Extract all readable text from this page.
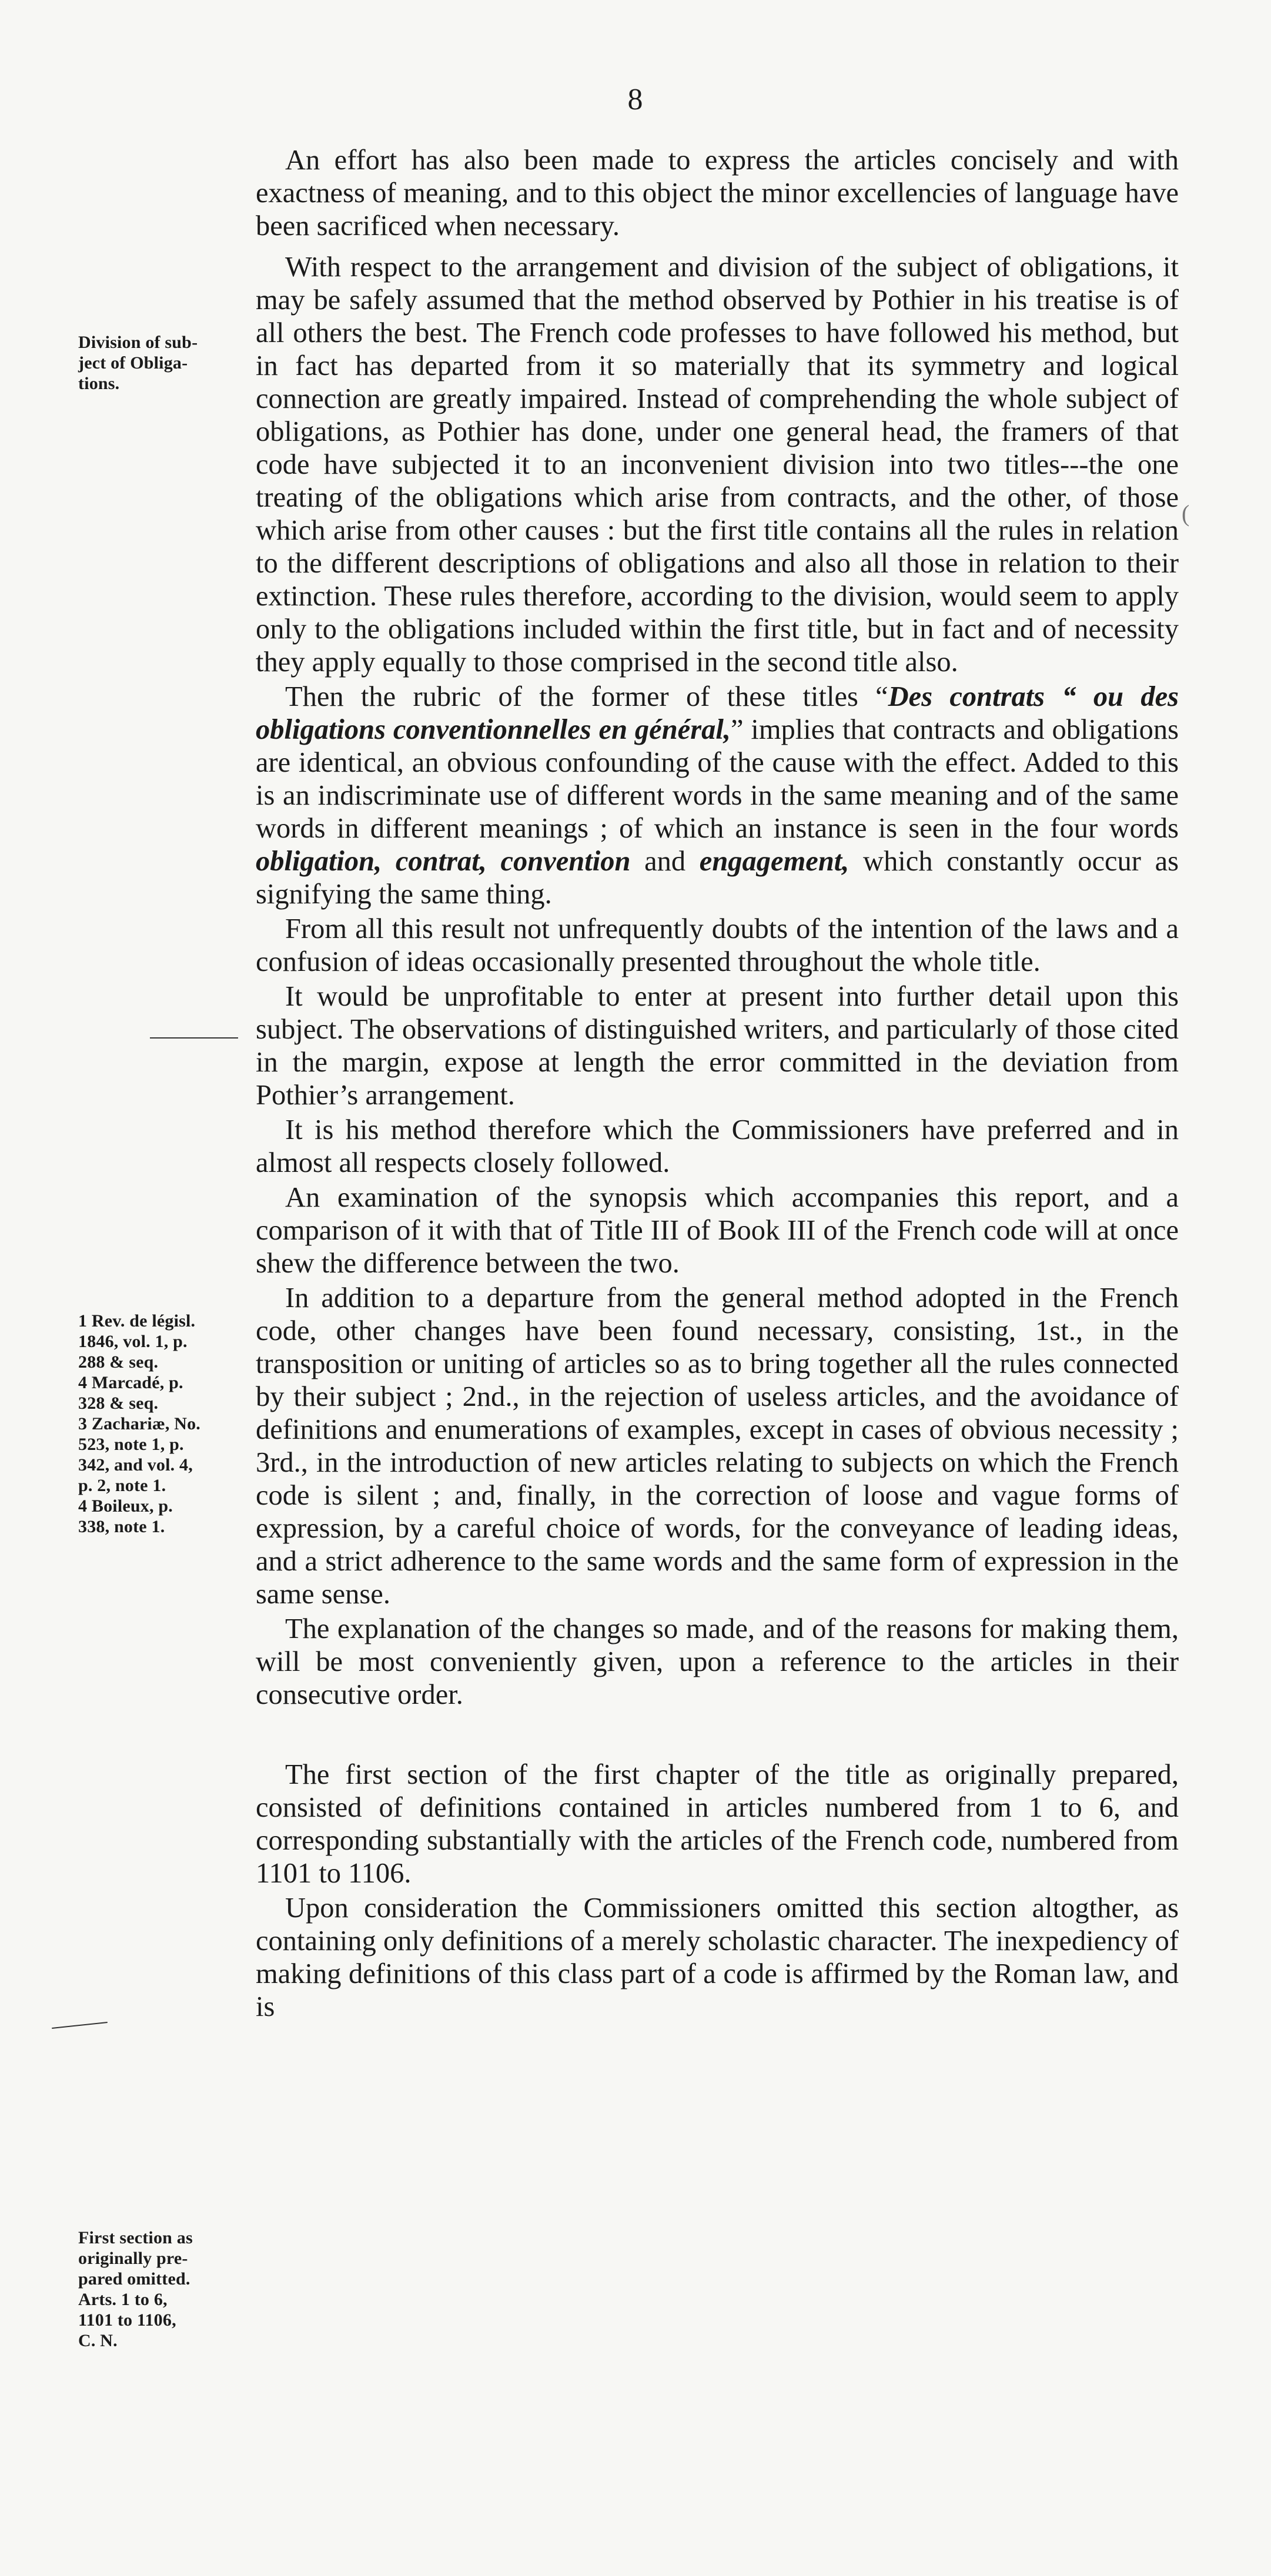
8
Division of sub-
ject of Obliga-
tions.
1 Rev. de législ.
1846, vol. 1, p.
288 & seq.
4 Marcadé, p.
328 & seq.
3 Zachariæ, No.
523, note 1, p.
342, and vol. 4,
p. 2, note 1.
4 Boileux, p.
338, note 1.
First section as
originally pre-
pared omitted.
Arts. 1 to 6,
1101 to 1106,
C. N.

An effort has also been made to express the articles concisely and with exactness of meaning, and to this object the minor excellencies of language have been sacrificed when necessary.

With respect to the arrangement and division of the subject of obligations, it may be safely assumed that the method observed by Pothier in his treatise is of all others the best. The French code professes to have followed his method, but in fact has departed from it so materially that its symmetry and logical connection are greatly impaired. Instead of comprehending the whole subject of obligations, as Pothier has done, under one general head, the framers of that code have subjected it to an inconvenient division into two titles---the one treating of the obligations which arise from contracts, and the other, of those which arise from other causes : but the first title contains all the rules in relation to the different descriptions of obligations and also all those in relation to their extinction. These rules therefore, according to the division, would seem to apply only to the obligations included within the first title, but in fact and of necessity they apply equally to those comprised in the second title also.

Then the rubric of the former of these titles “Des contrats “ ou des obligations conventionnelles en général,” implies that contracts and obligations are identical, an obvious confounding of the cause with the effect. Added to this is an indiscriminate use of different words in the same meaning and of the same words in different meanings ; of which an instance is seen in the four words obligation, contrat, convention and engagement, which constantly occur as signifying the same thing.

From all this result not unfrequently doubts of the intention of the laws and a confusion of ideas occasionally presented throughout the whole title.

It would be unprofitable to enter at present into further detail upon this subject. The observations of distinguished writers, and particularly of those cited in the margin, expose at length the error committed in the deviation from Pothier’s arrangement.

It is his method therefore which the Commissioners have preferred and in almost all respects closely followed.

An examination of the synopsis which accompanies this report, and a comparison of it with that of Title III of Book III of the French code will at once shew the difference between the two.

In addition to a departure from the general method adopted in the French code, other changes have been found necessary, consisting, 1st., in the transposition or uniting of articles so as to bring together all the rules connected by their subject ; 2nd., in the rejection of useless articles, and the avoidance of definitions and enumerations of examples, except in cases of obvious necessity ; 3rd., in the introduction of new articles relating to subjects on which the French code is silent ; and, finally, in the correction of loose and vague forms of expression, by a careful choice of words, for the conveyance of leading ideas, and a strict adherence to the same words and the same form of expression in the same sense.

The explanation of the changes so made, and of the reasons for making them, will be most conveniently given, upon a reference to the articles in their consecutive order.

The first section of the first chapter of the title as originally prepared, consisted of definitions contained in articles numbered from 1 to 6, and corresponding substantially with the articles of the French code, numbered from 1101 to 1106.

Upon consideration the Commissioners omitted this section altogther, as containing only definitions of a merely scholastic character. The inexpediency of making definitions of this class part of a code is affirmed by the Roman law, and is

(
